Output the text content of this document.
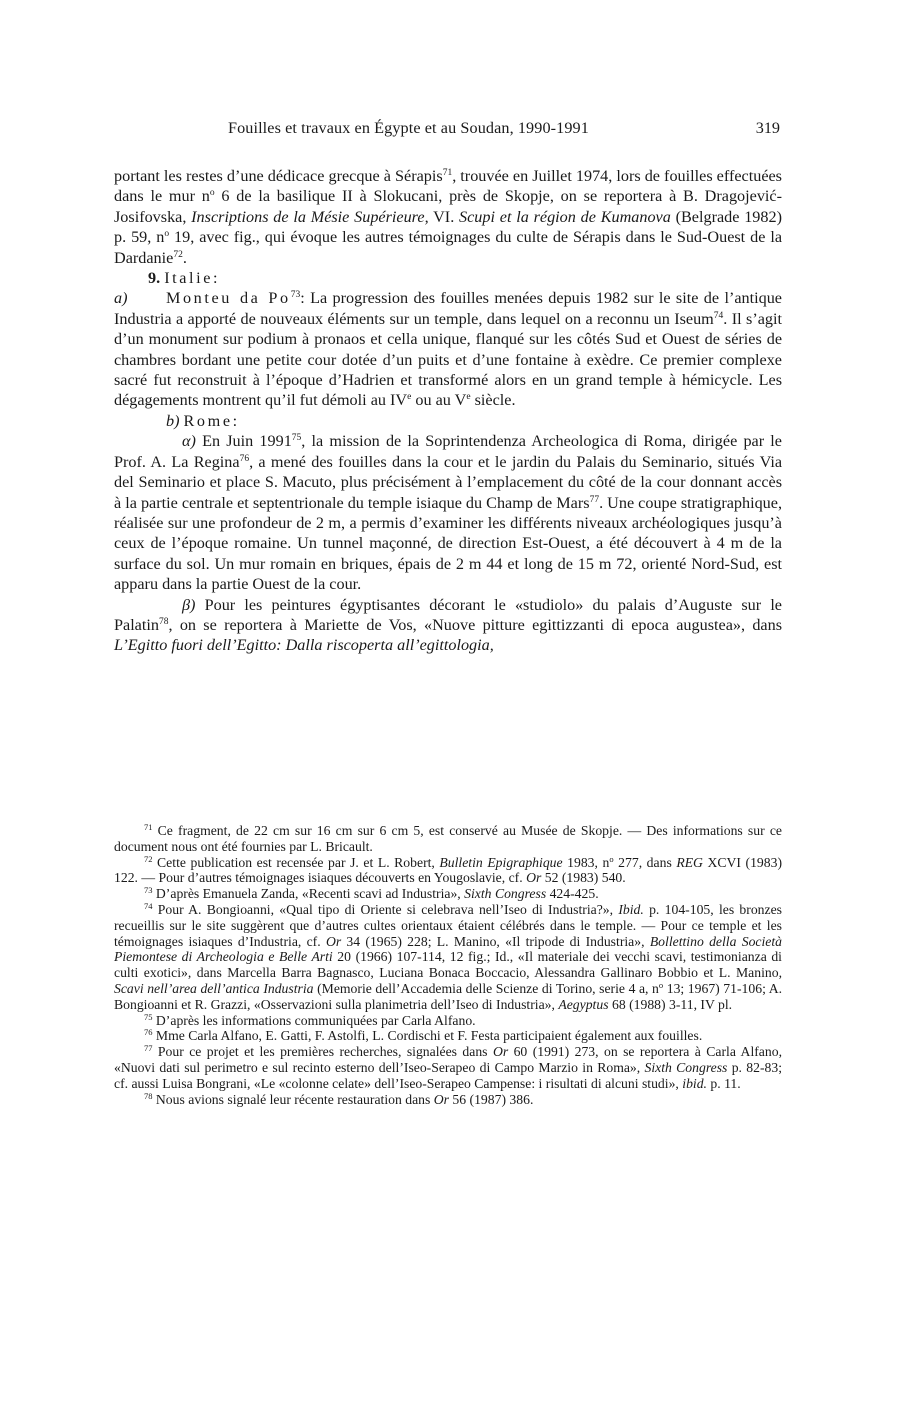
Fouilles et travaux en Égypte et au Soudan, 1990-1991	319

portant les restes d’une dédicace grecque à Sérapis$^{71}$, trouvée en Juillet 1974, lors de fouilles effectuées dans le mur $n^o$ 6 de la basilique II à Slokucani, près de Skopje, on se reportera à B. Dragojević-Josifovska, Inscriptions de la Mésie Supérieure, VI. Scupi et la région de Kumanova (Belgrade 1982) p. 59, $n^o$ 19, avec fig., qui évoque les autres témoignages du culte de Sérapis dans le Sud-Ouest de la Dardanie$^{72}$.

9. Italie:

a) Monteu da Po$^{73}$: La progression des fouilles menées depuis 1982 sur le site de l’antique Industria a apporté de nouveaux éléments sur un temple, dans lequel on a reconnu un Iseum$^{74}$. Il s’agit d’un monument sur podium à pronaos et cella unique, flanqué sur les côtés Sud et Ouest de séries de chambres bordant une petite cour dotée d’un puits et d’une fontaine à exèdre. Ce premier complexe sacré fut reconstruit à l’époque d’Hadrien et transformé alors en un grand temple à hémicycle. Les dégagements montrent qu’il fut démoli au IVe ou au Ve siècle.

b) Rome:

α) En Juin 1991$^{75}$, la mission de la Soprintendenza Archeologica di Roma, dirigée par le Prof. A. La Regina$^{76}$, a mené des fouilles dans la cour et le jardin du Palais du Seminario, situés Via del Seminario et place S. Macuto, plus précisément à l’emplacement du côté de la cour donnant accès à la partie centrale et septentrionale du temple isiaque du Champ de Mars$^{77}$. Une coupe stratigraphique, réalisée sur une profondeur de 2 m, a permis d’examiner les différents niveaux archéologiques jusqu’à ceux de l’époque romaine. Un tunnel maçonné, de direction Est-Ouest, a été découvert à 4 m de la surface du sol. Un mur romain en briques, épais de 2 m 44 et long de 15 m 72, orienté Nord-Sud, est apparu dans la partie Ouest de la cour.

β) Pour les peintures égyptisantes décorant le «studiolo» du palais d’Auguste sur le Palatin$^{78}$, on se reportera à Mariette de Vos, «Nuove pitture egittizzanti di epoca augustea», dans L’Egitto fuori dell’Egitto: Dalla riscoperta all’egittologia,

$^{71}$ Ce fragment, de 22 cm sur 16 cm sur 6 cm 5, est conservé au Musée de Skopje. — Des informations sur ce document nous ont été fournies par L. Bricault.

$^{72}$ Cette publication est recensée par J. et L. Robert, Bulletin Epigraphique 1983, $n^o$ 277, dans REG XCVI (1983) 122. — Pour d’autres témoignages isiaques découverts en Yougoslavie, cf. Or 52 (1983) 540.

$^{73}$ D’après Emanuela Zanda, «Recenti scavi ad Industria», Sixth Congress 424-425.

$^{74}$ Pour A. Bongioanni, «Qual tipo di Oriente si celebrava nell’Iseo di Industria?», Ibid. p. 104-105, les bronzes recueillis sur le site suggèrent que d’autres cultes orientaux étaient célébrés dans le temple. — Pour ce temple et les témoignages isiaques d’Industria, cf. Or 34 (1965) 228; L. Manino, «Il tripode di Industria», Bollettino della Società Piemontese di Archeologia e Belle Arti 20 (1966) 107-114, 12 fig.; Id., «Il materiale dei vecchi scavi, testimonianza di culti exotici», dans Marcella Barra Bagnasco, Luciana Bonaca Boccacio, Alessandra Gallinaro Bobbio et L. Manino, Scavi nell’area dell’antica Industria (Memorie dell’Accademia delle Scienze di Torino, serie 4 a, $n^o$ 13; 1967) 71-106; A. Bongioanni et R. Grazzi, «Osservazioni sulla planimetria dell’Iseo di Industria», Aegyptus 68 (1988) 3-11, IV pl.

$^{75}$ D’après les informations communiquées par Carla Alfano.

$^{76}$ Mme Carla Alfano, E. Gatti, F. Astolfi, L. Cordischi et F. Festa participaient également aux fouilles.

$^{77}$ Pour ce projet et les premières recherches, signalées dans Or 60 (1991) 273, on se reportera à Carla Alfano, «Nuovi dati sul perimetro e sul recinto esterno dell’Iseo-Serapeo di Campo Marzio in Roma», Sixth Congress p. 82-83; cf. aussi Luisa Bongrani, «Le «colonne celate» dell’Iseo-Serapeo Campense: i risultati di alcuni studi», ibid. p. 11.

$^{78}$ Nous avions signalé leur récente restauration dans Or 56 (1987) 386.
